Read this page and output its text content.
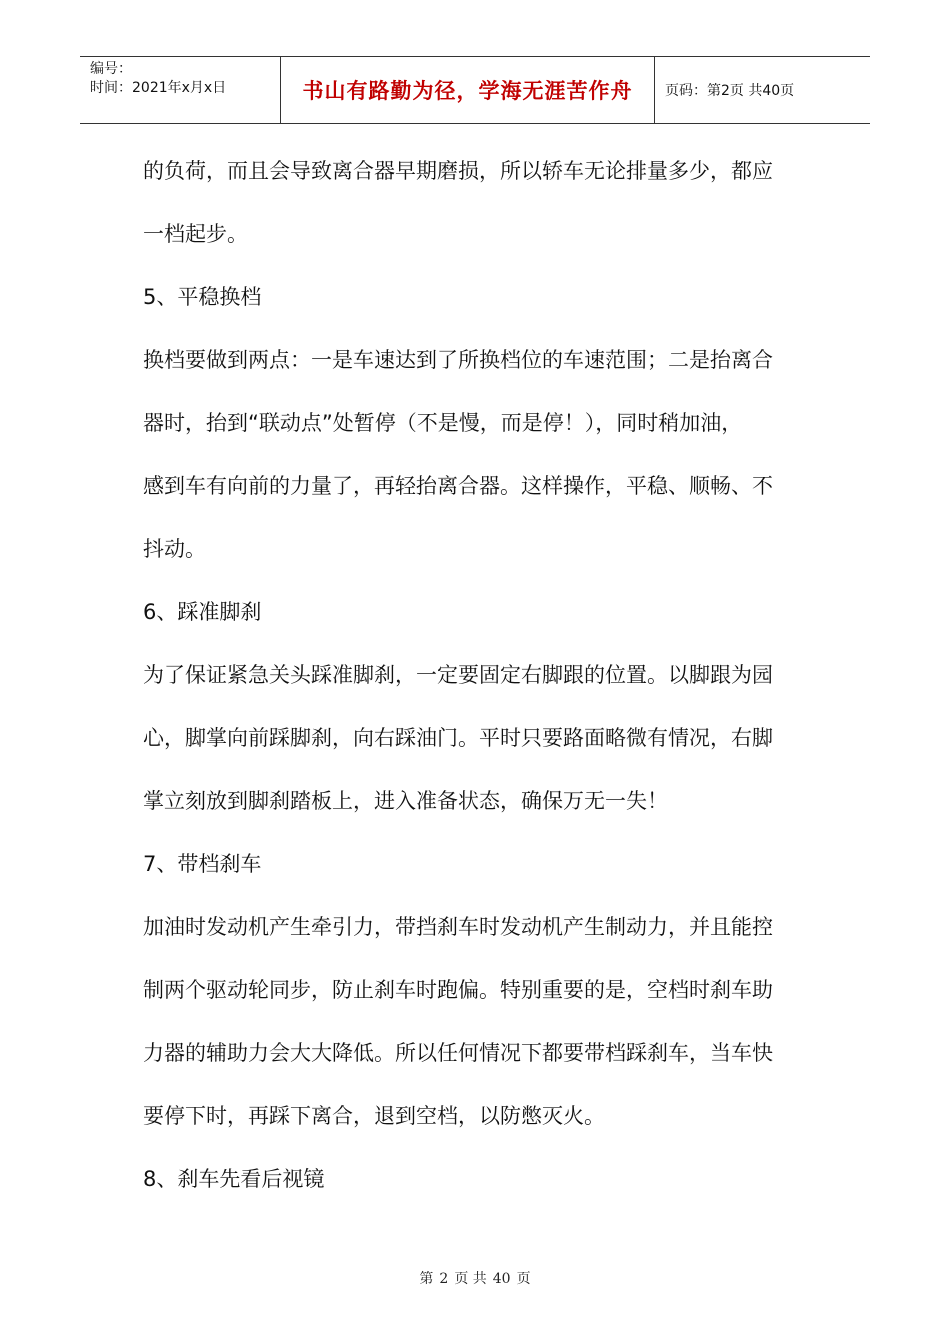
编号：
时间：2021年x月x日	书山有路勤为径，学海无涯苦作舟 页码：第2页 共40页
的负荷，而且会导致离合器早期磨损，所以轿车无论排量多少，都应
一档起步。
5、平稳换档
换档要做到两点：一是车速达到了所换档位的车速范围；二是抬离合
器时，抬到“联动点”处暂停（不是慢，而是停！），同时稍加油，
感到车有向前的力量了，再轻抬离合器。这样操作，平稳、顺畅、不
抖动。
6、踩准脚刹
为了保证紧急关头踩准脚刹，一定要固定右脚跟的位置。以脚跟为园
心，脚掌向前踩脚刹，向右踩油门。平时只要路面略微有情况，右脚
掌立刻放到脚刹踏板上，进入准备状态，确保万无一失！
7、带档刹车
加油时发动机产生牵引力，带挡刹车时发动机产生制动力，并且能控
制两个驱动轮同步，防止刹车时跑偏。特别重要的是，空档时刹车助
力器的辅助力会大大降低。所以任何情况下都要带档踩刹车，当车快
要停下时，再踩下离合，退到空档，以防憋灭火。
8、刹车先看后视镜
第 2 页 共 40 页
